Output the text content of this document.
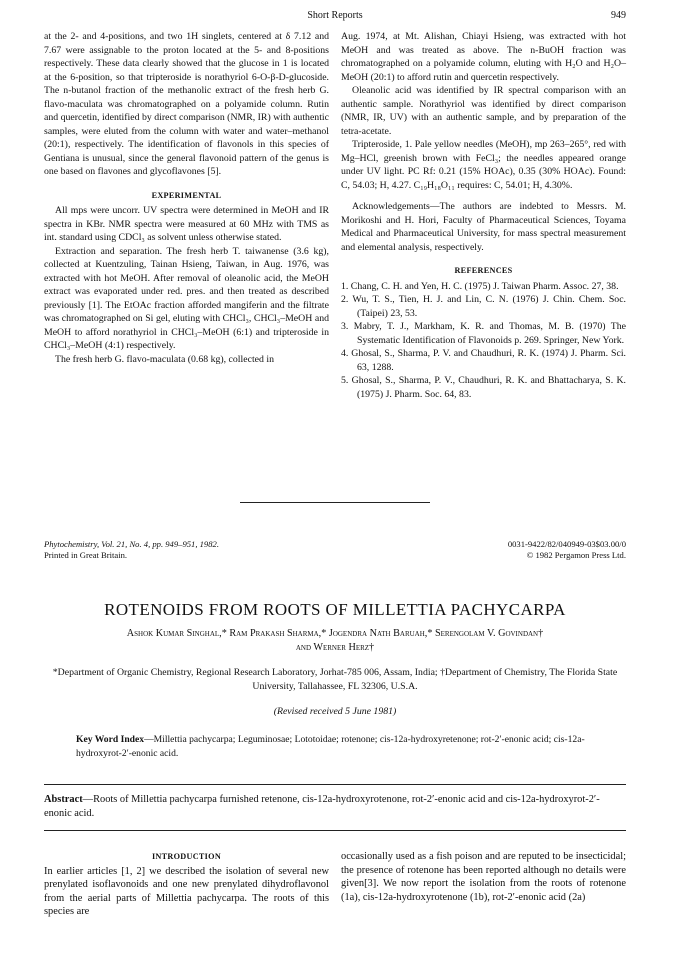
Short Reports	949

at the 2- and 4-positions, and two 1H singlets, centered at δ 7.12 and 7.67 were assignable to the proton located at the 5- and 8-positions respectively. These data clearly showed that the glucose in 1 is located at the 6-position, so that tripteroside is norathyriol 6-O-β-D-glucoside. The n-butanol fraction of the methanolic extract of the fresh herb G. flavo-maculata was chromatographed on a polyamide column. Rutin and quercetin, identified by direct comparison (NMR, IR) with authentic samples, were eluted from the column with water and water–methanol (20:1), respectively. The identification of flavonols in this species of Gentiana is unusual, since the general flavonoid pattern of the genus is one based on flavones and glycoflavones [5].

EXPERIMENTAL

All mps were uncorr. UV spectra were determined in MeOH and IR spectra in KBr. NMR spectra were measured at 60 MHz with TMS as int. standard using CDCl₃ as solvent unless otherwise stated.

Extraction and separation. The fresh herb T. taiwanense (3.6 kg), collected at Kuentzuling, Tainan Hsieng, Taiwan, in Aug. 1976, was extracted with hot MeOH. After removal of oleanolic acid, the MeOH extract was evaporated under red. pres. and then treated as described previously [1]. The EtOAc fraction afforded mangiferin and the filtrate was chromatographed on Si gel, eluting with CHCl₃, CHCl₃–MeOH and MeOH to afford norathyriol in CHCl₃–MeOH (6:1) and tripteroside in CHCl₃–MeOH (4:1) respectively.

The fresh herb G. flavo-maculata (0.68 kg), collected in

Aug. 1974, at Mt. Alishan, Chiayi Hsieng, was extracted with hot MeOH and was treated as above. The n-BuOH fraction was chromatographed on a polyamide column, eluting with H₂O and H₂O–MeOH (20:1) to afford rutin and quercetin respectively.

Oleanolic acid was identified by IR spectral comparison with an authentic sample. Norathyriol was identified by direct comparison (NMR, IR, UV) with an authentic sample, and by preparation of the tetra-acetate.

Tripteroside, 1. Pale yellow needles (MeOH), mp 263–265°, red with Mg–HCl, greenish brown with FeCl₃; the needles appeared orange under UV light. PC Rf: 0.21 (15% HOAc), 0.35 (30% HOAc). Found: C, 54.03; H, 4.27. C₁₉H₁₈O₁₁ requires: C, 54.01; H, 4.30%.

Acknowledgements—The authors are indebted to Messrs. M. Morikoshi and H. Hori, Faculty of Pharmaceutical Sciences, Toyama Medical and Pharmaceutical University, for mass spectral measurement and elemental analysis, respectively.

REFERENCES
1. Chang, C. H. and Yen, H. C. (1975) J. Taiwan Pharm. Assoc. 27, 38.
2. Wu, T. S., Tien, H. J. and Lin, C. N. (1976) J. Chin. Chem. Soc. (Taipei) 23, 53.
3. Mabry, T. J., Markham, K. R. and Thomas, M. B. (1970) The Systematic Identification of Flavonoids p. 269. Springer, New York.
4. Ghosal, S., Sharma, P. V. and Chaudhuri, R. K. (1974) J. Pharm. Sci. 63, 1288.
5. Ghosal, S., Sharma, P. V., Chaudhuri, R. K. and Bhattacharya, S. K. (1975) J. Pharm. Soc. 64, 83.
Phytochemistry, Vol. 21, No. 4, pp. 949–951, 1982.
Printed in Great Britain.
0031-9422/82/040949-03$03.00/0
© 1982 Pergamon Press Ltd.
ROTENOIDS FROM ROOTS OF MILLETTIA PACHYCARPA
Ashok Kumar Singhal,* Ram Prakash Sharma,* Jogendra Nath Baruah,* Serengolam V. Govindan†
and Werner Herz†
*Department of Organic Chemistry, Regional Research Laboratory, Jorhat-785 006, Assam, India; †Department of Chemistry, The Florida State University, Tallahassee, FL 32306, U.S.A.
(Revised received 5 June 1981)
Key Word Index—Millettia pachycarpa; Leguminosae; Lototoidae; rotenone; cis-12a-hydroxyretenone; rot-2′-enonic acid; cis-12a-hydroxyrot-2′-enonic acid.
Abstract—Roots of Millettia pachycarpa furnished retenone, cis-12a-hydroxyrotenone, rot-2′-enonic acid and cis-12a-hydroxyrot-2′-enonic acid.
INTRODUCTION
In earlier articles [1, 2] we described the isolation of several new prenylated isoflavonoids and one new prenylated dihydroflavonol from the aerial parts of Millettia pachycarpa. The roots of this species are
occasionally used as a fish poison and are reputed to be insecticidal; the presence of rotenone has been reported although no details were given[3]. We now report the isolation from the roots of rotenone (1a), cis-12a-hydroxyrotenone (1b), rot-2′-enonic acid (2a)
